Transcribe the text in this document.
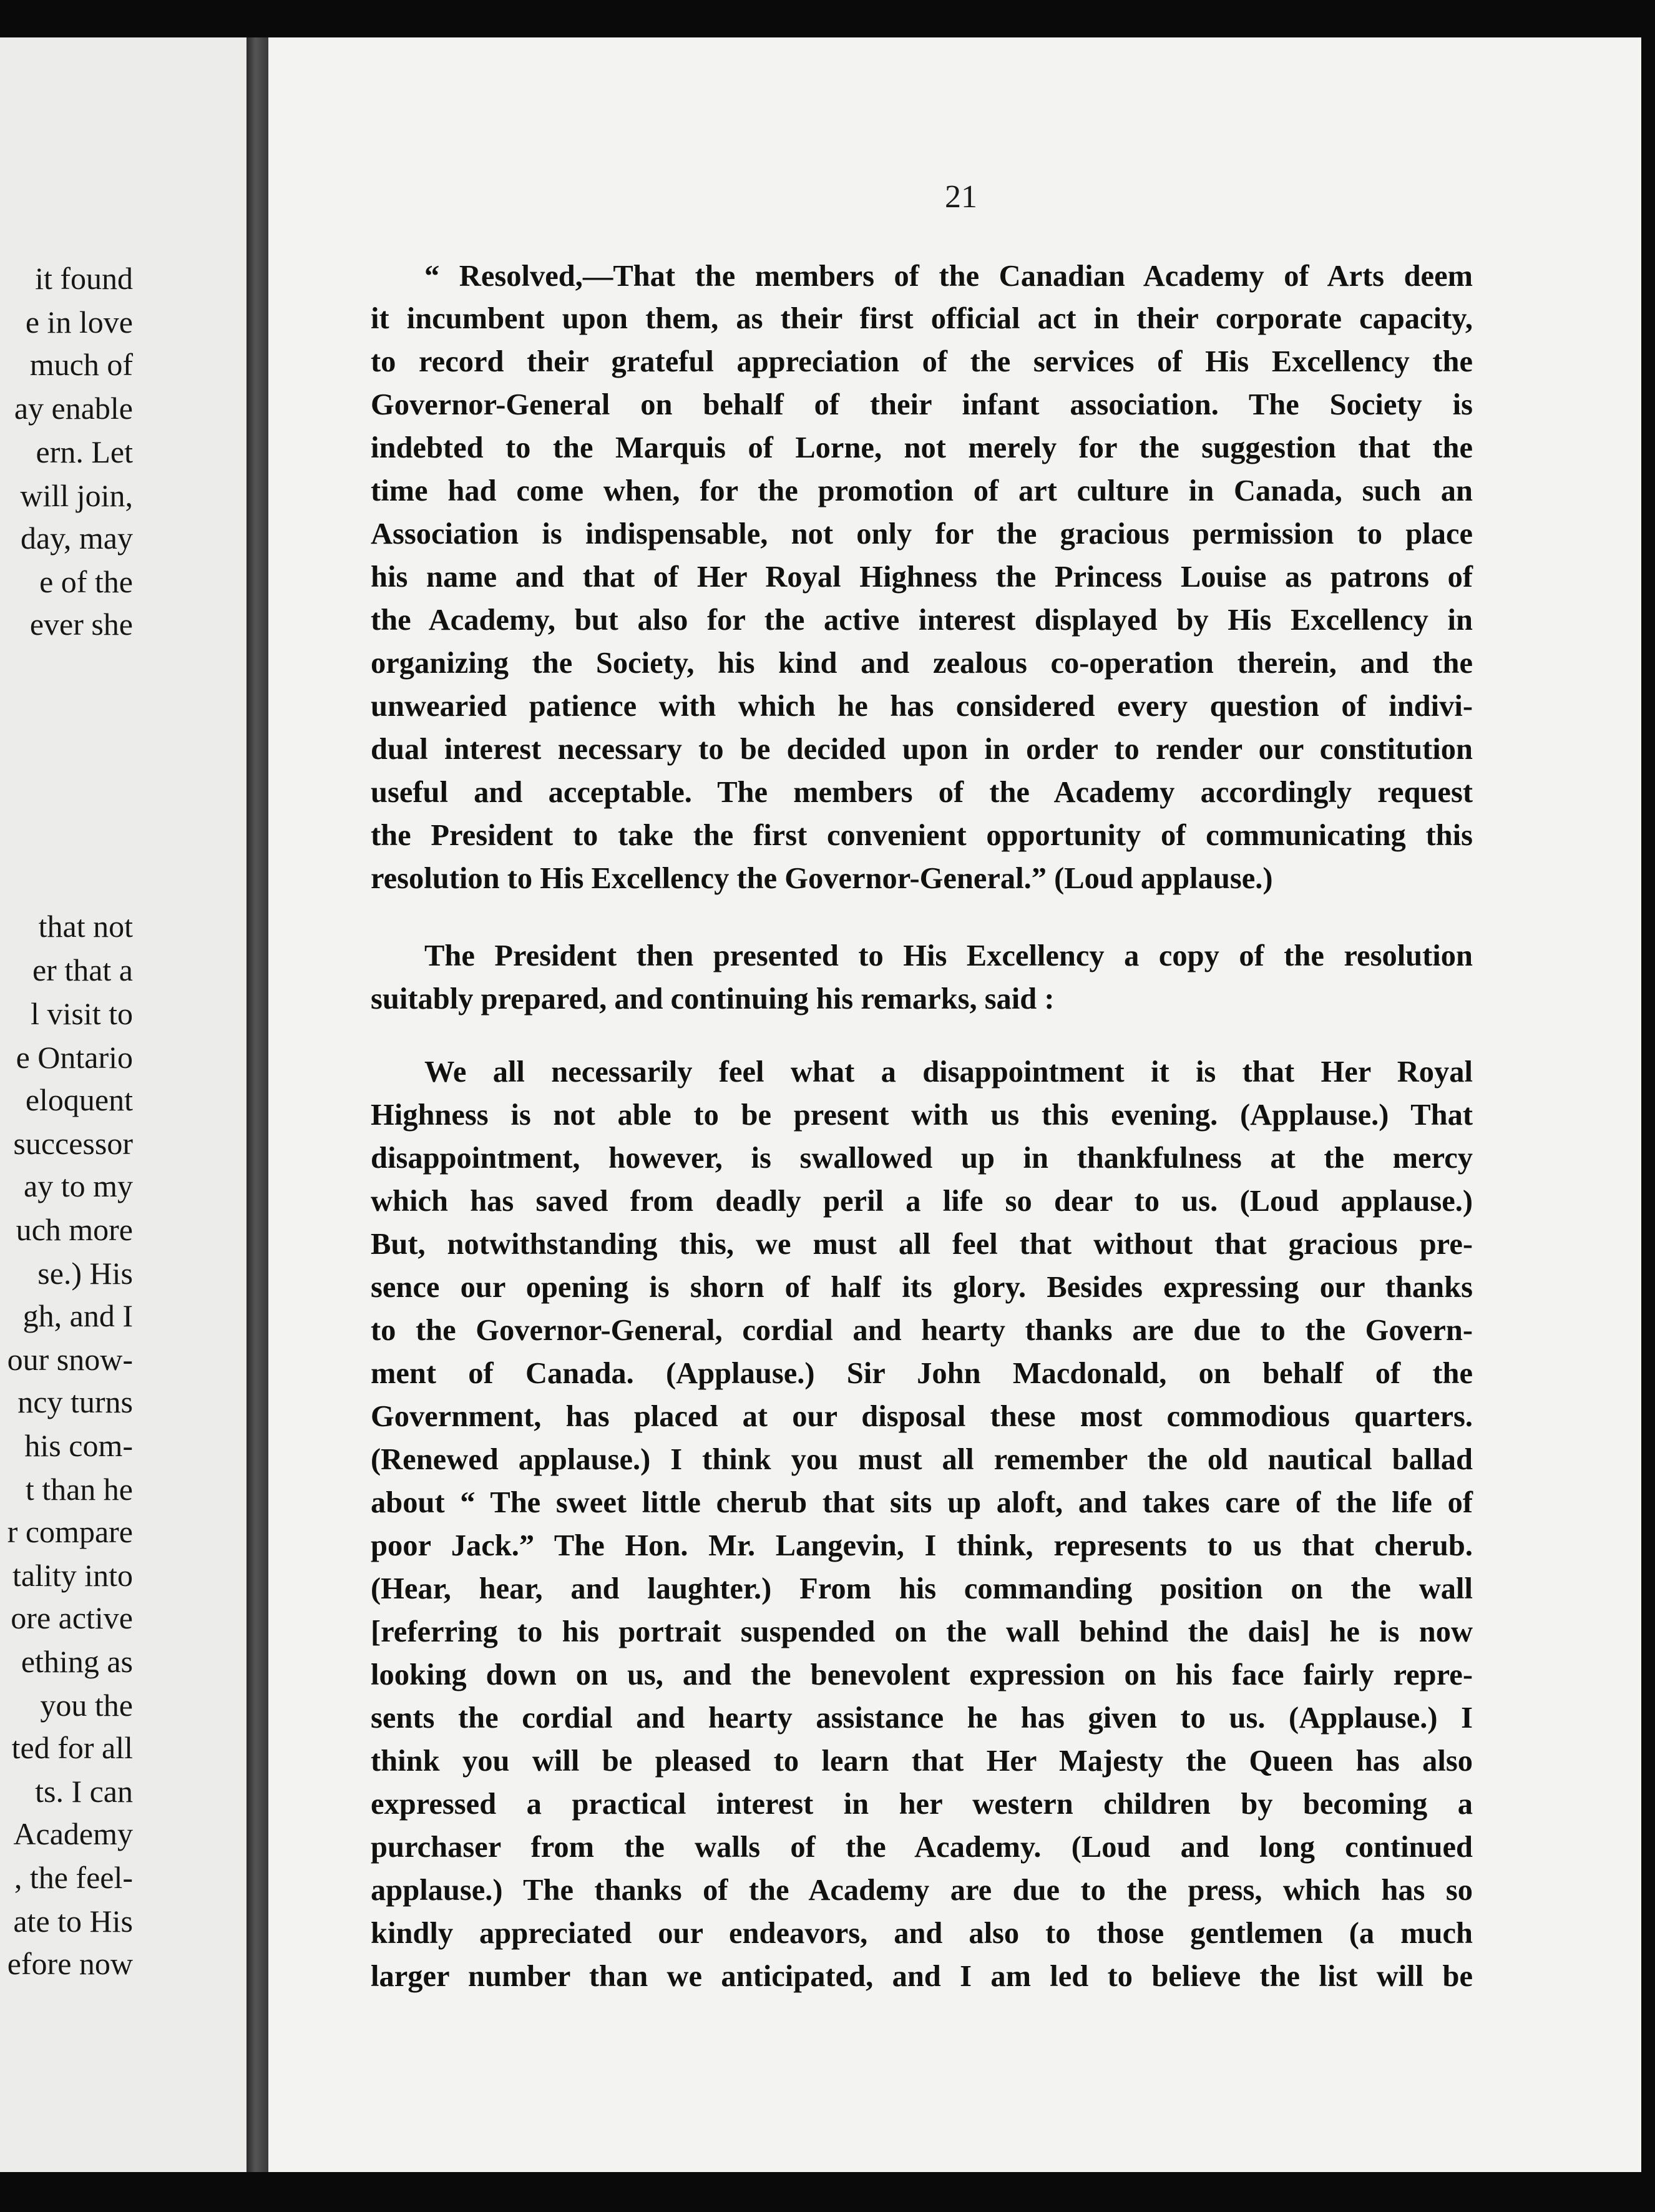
it found
e in love
much of
ay enable
ern. Let
will join,
day, may
e of the
ever she
that not
er that a
l visit to
e Ontario
eloquent
successor
ay to my
uch more
se.) His
gh, and I
our snow-
ncy turns
his com-
t than he
r compare
tality into
ore active
ething as
you the
ted for all
ts. I can
Academy
, the feel-
ate to His
efore now
21
“ Resolved,—That the members of the Canadian Academy of Arts deem
it incumbent upon them, as their first official act in their corporate capacity,
to record their grateful appreciation of the services of His Excellency the
Governor-General on behalf of their infant association. The Society is
indebted to the Marquis of Lorne, not merely for the suggestion that the
time had come when, for the promotion of art culture in Canada, such an
Association is indispensable, not only for the gracious permission to place
his name and that of Her Royal Highness the Princess Louise as patrons of
the Academy, but also for the active interest displayed by His Excellency in
organizing the Society, his kind and zealous co-operation therein, and the
unwearied patience with which he has considered every question of indivi-
dual interest necessary to be decided upon in order to render our constitution
useful and acceptable. The members of the Academy accordingly request
the President to take the first convenient opportunity of communicating this
resolution to His Excellency the Governor-General.” (Loud applause.)
The President then presented to His Excellency a copy of the resolution
suitably prepared, and continuing his remarks, said :
We all necessarily feel what a disappointment it is that Her Royal
Highness is not able to be present with us this evening. (Applause.) That
disappointment, however, is swallowed up in thankfulness at the mercy
which has saved from deadly peril a life so dear to us. (Loud applause.)
But, notwithstanding this, we must all feel that without that gracious pre-
sence our opening is shorn of half its glory. Besides expressing our thanks
to the Governor-General, cordial and hearty thanks are due to the Govern-
ment of Canada. (Applause.) Sir John Macdonald, on behalf of the
Government, has placed at our disposal these most commodious quarters.
(Renewed applause.) I think you must all remember the old nautical ballad
about “ The sweet little cherub that sits up aloft, and takes care of the life of
poor Jack.” The Hon. Mr. Langevin, I think, represents to us that cherub.
(Hear, hear, and laughter.) From his commanding position on the wall
[referring to his portrait suspended on the wall behind the dais] he is now
looking down on us, and the benevolent expression on his face fairly repre-
sents the cordial and hearty assistance he has given to us. (Applause.) I
think you will be pleased to learn that Her Majesty the Queen has also
expressed a practical interest in her western children by becoming a
purchaser from the walls of the Academy. (Loud and long continued
applause.) The thanks of the Academy are due to the press, which has so
kindly appreciated our endeavors, and also to those gentlemen (a much
larger number than we anticipated, and I am led to believe the list will be
